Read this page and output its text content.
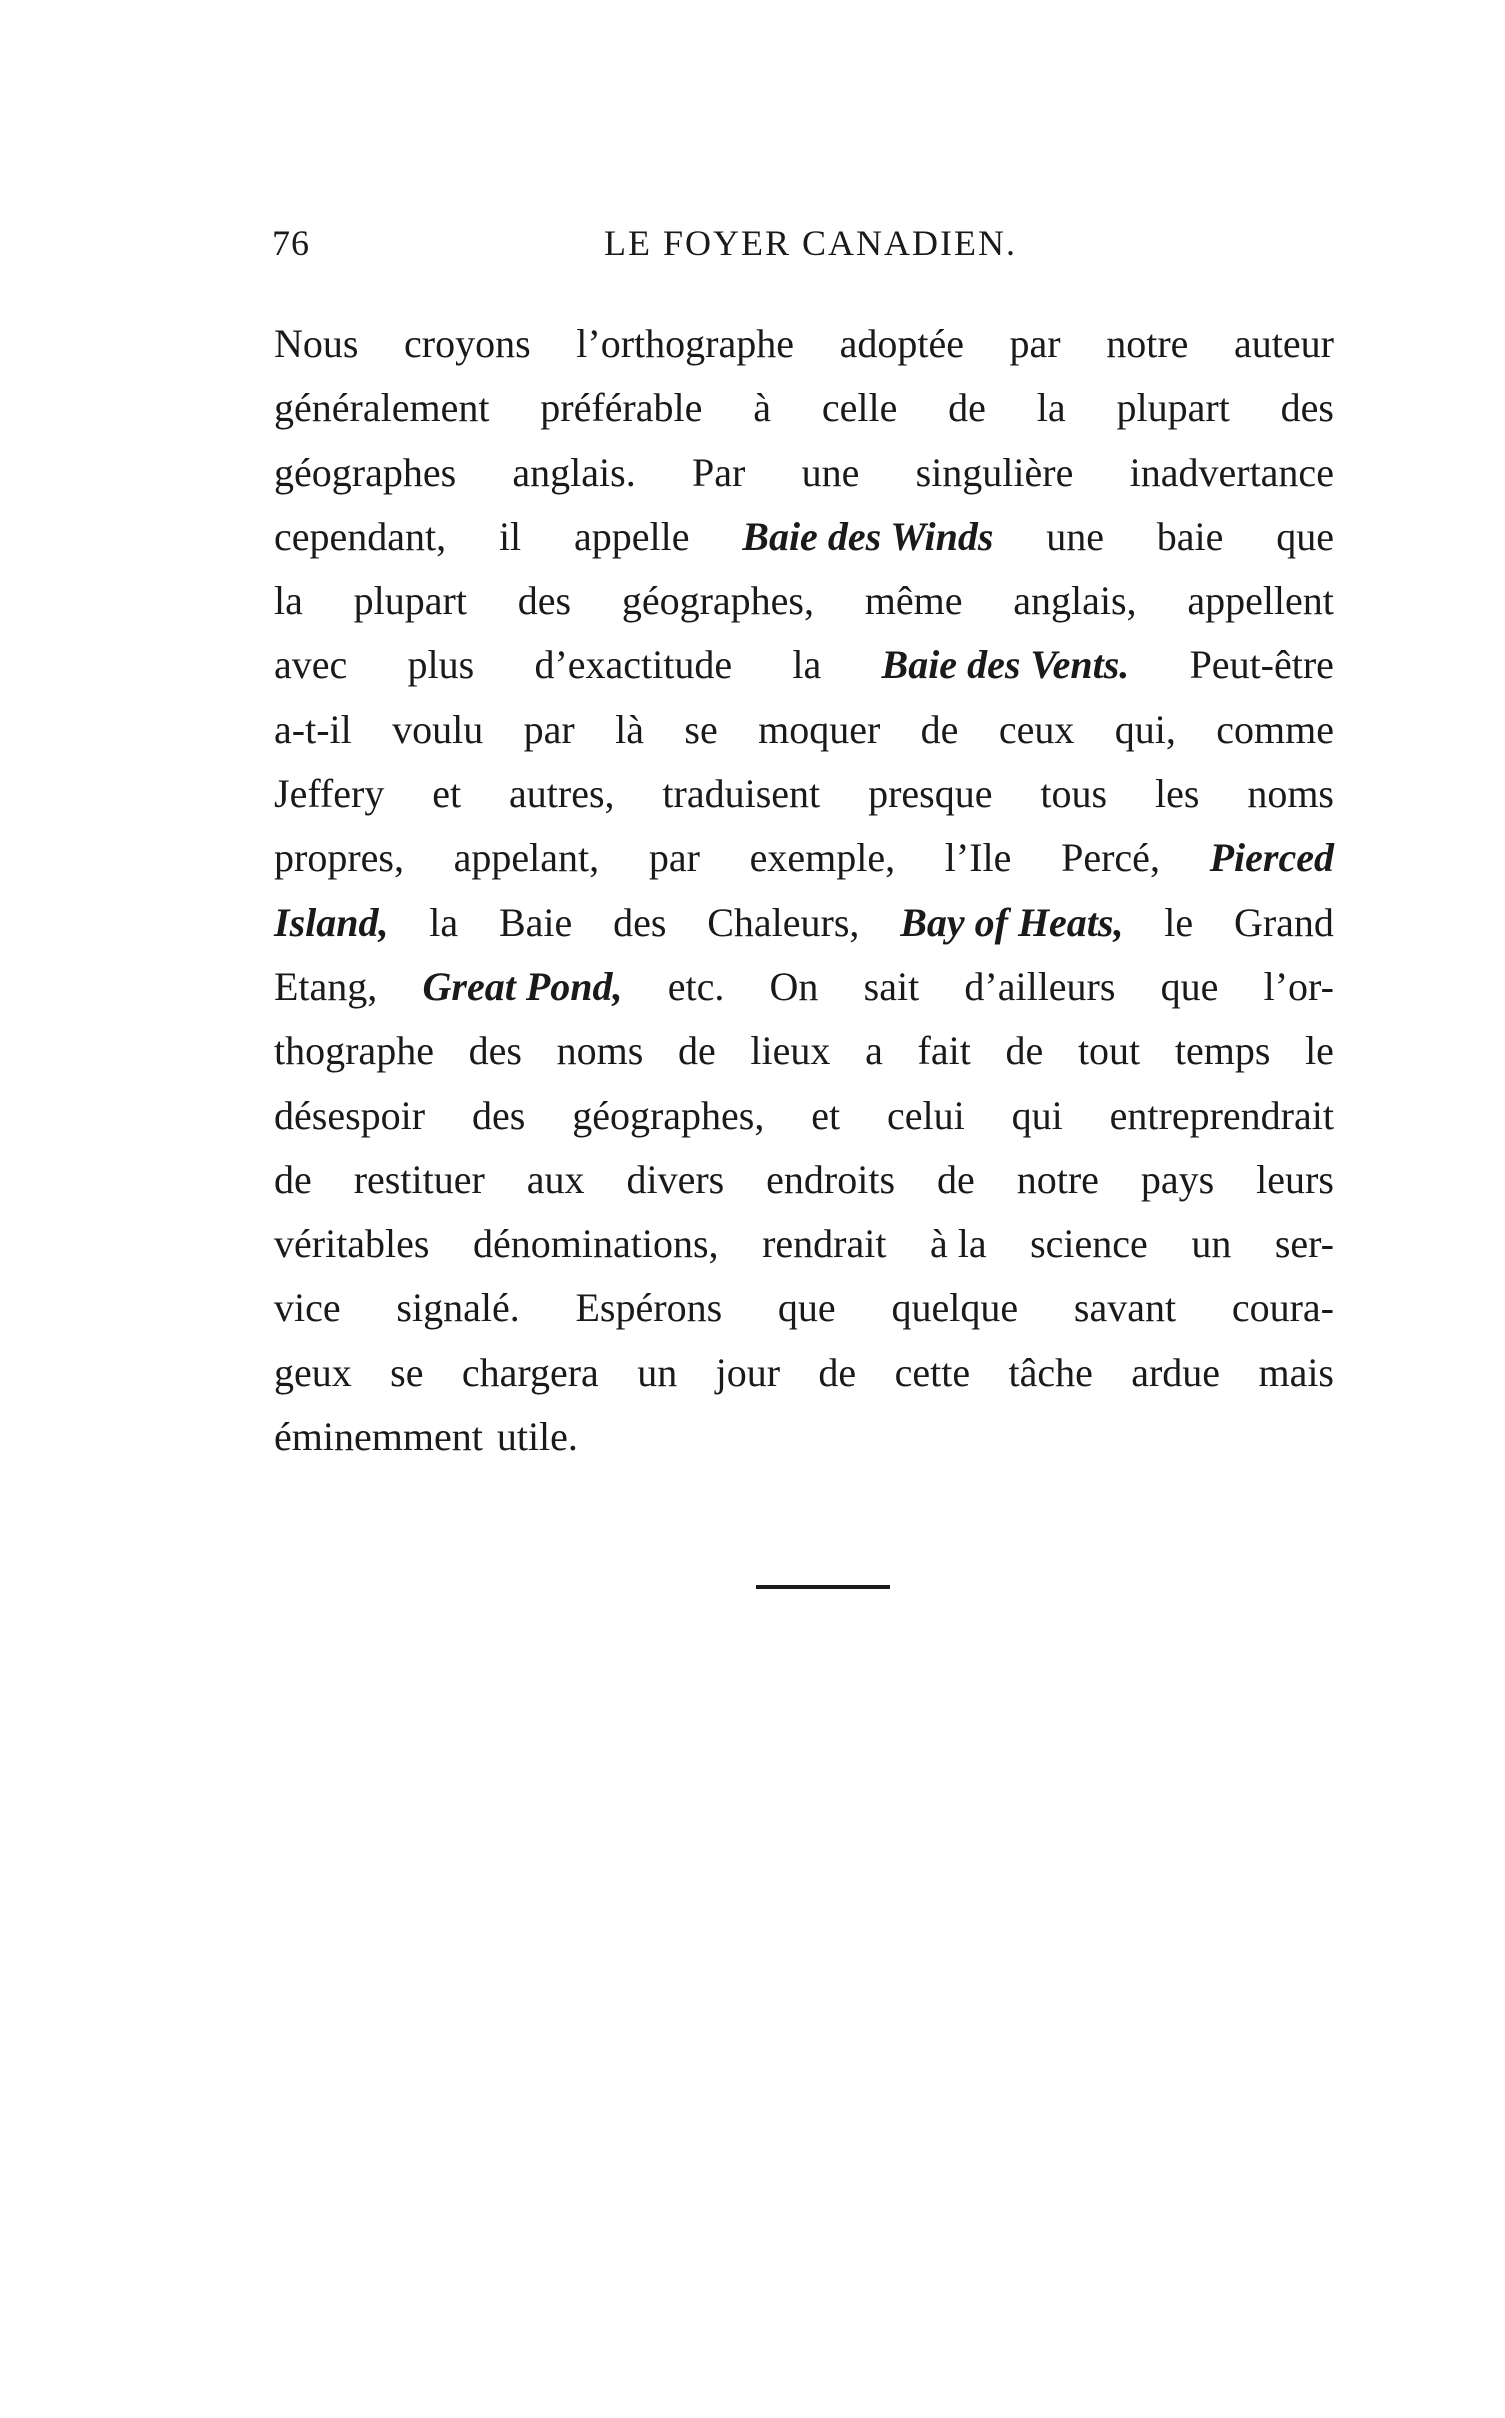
76	LE FOYER CANADIEN.
Nous croyons l’orthographe adoptée par notre auteur
généralement préférable à celle de la plupart des
géographes anglais. Par une singulière inadvertance
cependant, il appelle Baie des Winds une baie que
la plupart des géographes, même anglais, appellent
avec plus d’exactitude la Baie des Vents. Peut-être
a-t-il voulu par là se moquer de ceux qui, comme
Jeffery et autres, traduisent presque tous les noms
propres, appelant, par exemple, l’Ile Percé, Pierced
Island, la Baie des Chaleurs, Bay of Heats, le Grand
Etang, Great Pond, etc. On sait d’ailleurs que l’or-
thographe des noms de lieux a fait de tout temps le
désespoir des géographes, et celui qui entreprendrait
de restituer aux divers endroits de notre pays leurs
véritables dénominations, rendrait à la science un ser-
vice signalé. Espérons que quelque savant coura-
geux se chargera un jour de cette tâche ardue mais
éminemment utile.
